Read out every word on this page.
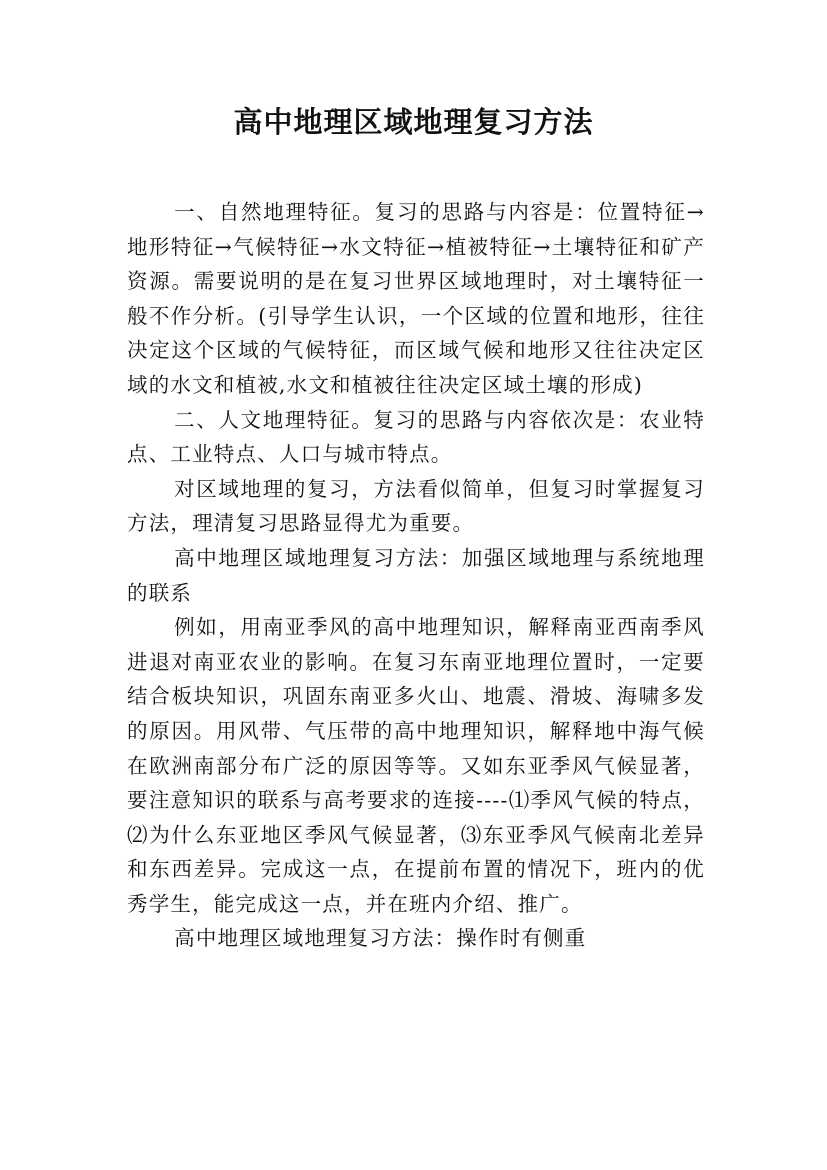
高中地理区域地理复习方法

一、自然地理特征。复习的思路与内容是：位置特征→地形特征→气候特征→水文特征→植被特征→土壤特征和矿产资源。需要说明的是在复习世界区域地理时，对土壤特征一般不作分析。(引导学生认识，一个区域的位置和地形，往往决定这个区域的气候特征，而区域气候和地形又往往决定区域的水文和植被,水文和植被往往决定区域土壤的形成)

二、人文地理特征。复习的思路与内容依次是：农业特点、工业特点、人口与城市特点。

对区域地理的复习，方法看似简单，但复习时掌握复习方法，理清复习思路显得尤为重要。

高中地理区域地理复习方法：加强区域地理与系统地理的联系

例如，用南亚季风的高中地理知识，解释南亚西南季风进退对南亚农业的影响。在复习东南亚地理位置时，一定要结合板块知识，巩固东南亚多火山、地震、滑坡、海啸多发的原因。用风带、气压带的高中地理知识，解释地中海气候在欧洲南部分布广泛的原因等等。又如东亚季风气候显著，要注意知识的联系与高考要求的连接----⑴季风气候的特点，⑵为什么东亚地区季风气候显著，⑶东亚季风气候南北差异和东西差异。完成这一点，在提前布置的情况下，班内的优秀学生，能完成这一点，并在班内介绍、推广。

高中地理区域地理复习方法：操作时有侧重
